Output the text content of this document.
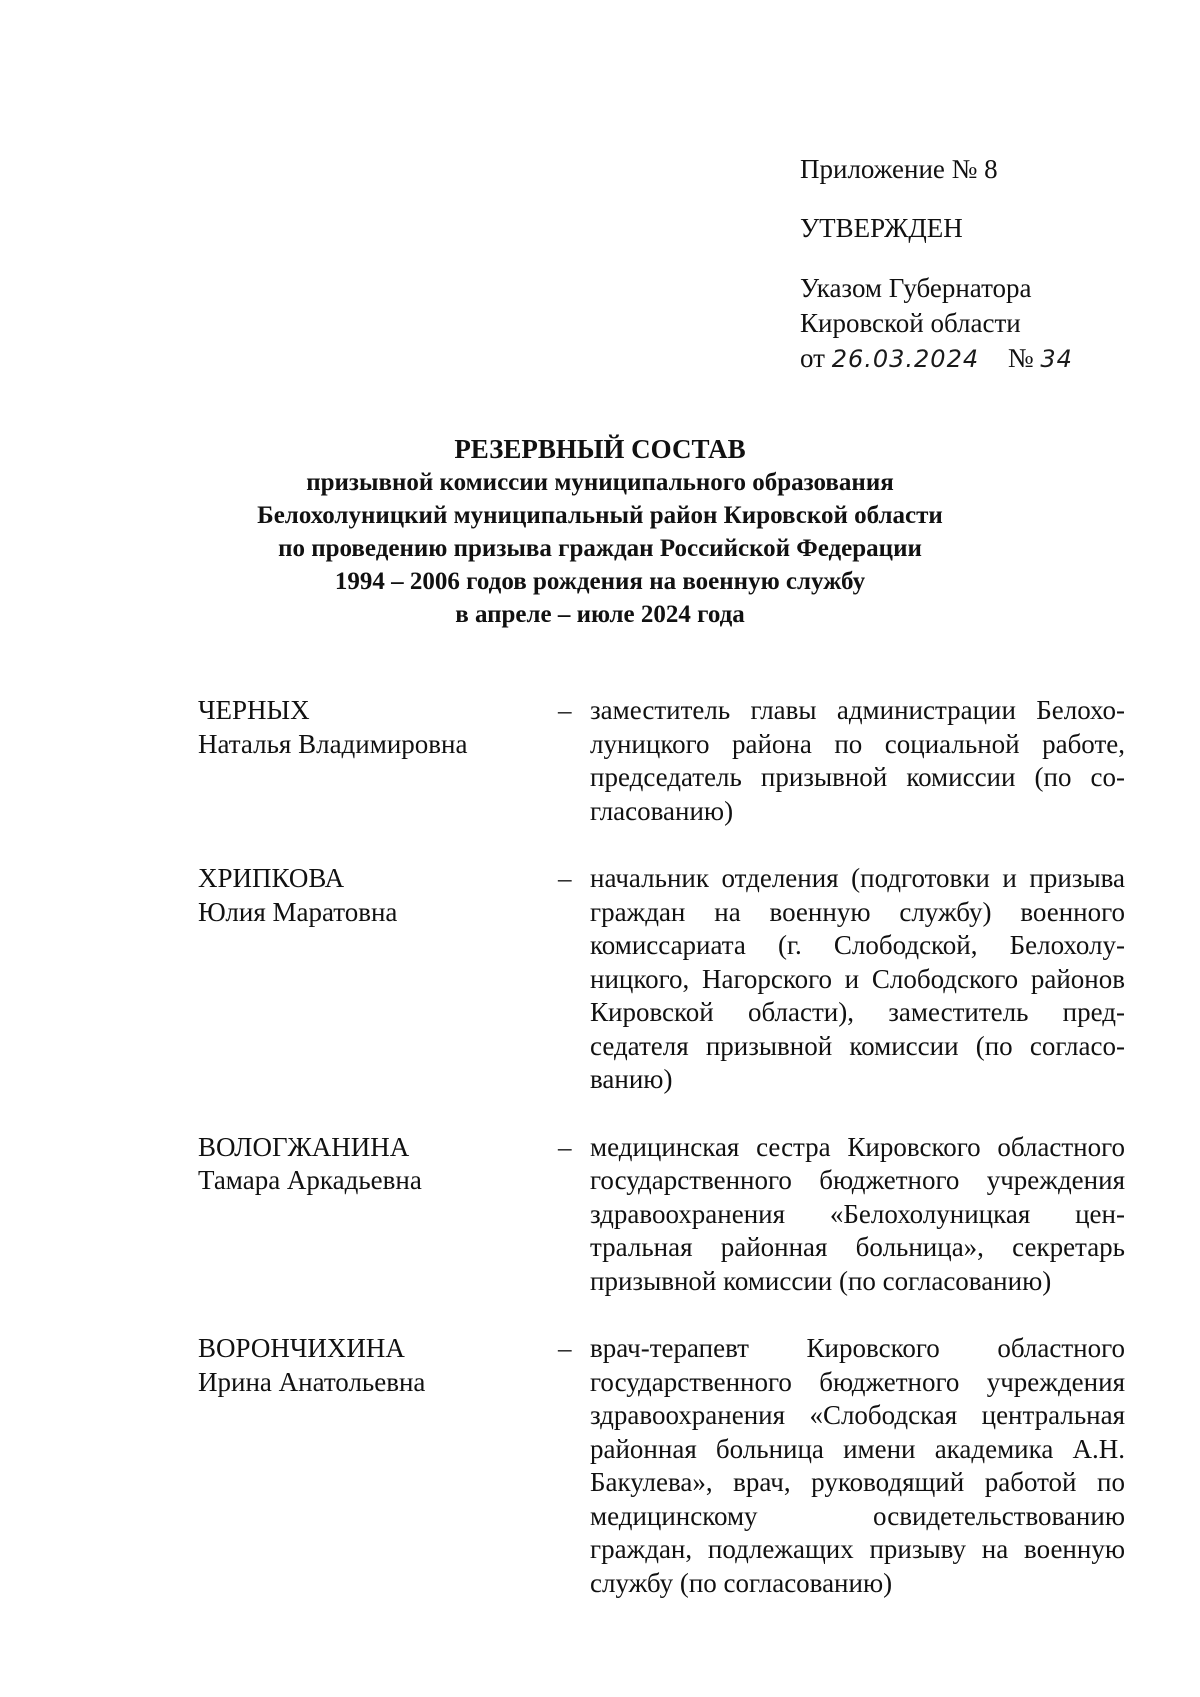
Приложение № 8
УТВЕРЖДЕН
Указом Губернатора
Кировской области
от 26.03.2024 № 34
РЕЗЕРВНЫЙ СОСТАВ
призывной комиссии муниципального образования
Белохолуницкий муниципальный район Кировской области
по проведению призыва граждан Российской Федерации
1994 – 2006 годов рождения на военную службу
в апреле – июле 2024 года
ЧЕРНЫХ
Наталья Владимировна
– заместитель главы администрации Белохолуницкого района по социальной работе, председатель призывной комиссии (по согласованию)
ХРИПКОВА
Юлия Маратовна
– начальник отделения (подготовки и призыва граждан на военную службу) военного комиссариата (г. Слободской, Белохолуницкого, Нагорского и Слободского районов Кировской области), заместитель председателя призывной комиссии (по согласованию)
ВОЛОГЖАНИНА
Тамара Аркадьевна
– медицинская сестра Кировского областного государственного бюджетного учреждения здравоохранения «Белохолуницкая центральная районная больница», секретарь призывной комиссии (по согласованию)
ВОРОНЧИХИНА
Ирина Анатольевна
– врач-терапевт Кировского областного государственного бюджетного учреждения здравоохранения «Слободская центральная районная больница имени академика А.Н. Бакулева», врач, руководящий работой по медицинскому освидетельствованию граждан, подлежащих призыву на военную службу (по согласованию)
